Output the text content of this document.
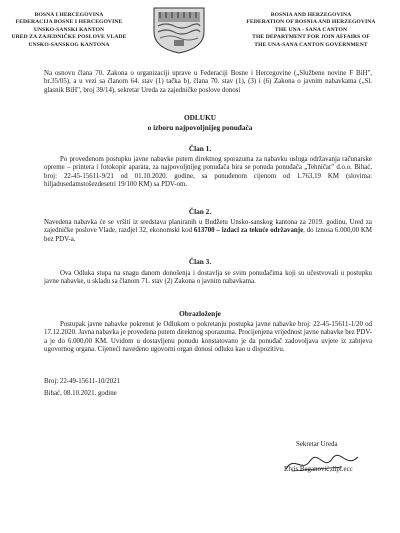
BOSNA I HERCEGOVINA
FEDERACIJA BOSNE I HERCEGOVINE
UNSKO-SANSKI KANTON
URED ZA ZAJEDNIČKE POSLOVE VLADE
UNSKO-SANSKOG KANTONA
BOSNIA AND HERZEGOVINA
FEDERATION OF BOSNIA AND HERZEGOVINA
THE UNA - SANA CANTON
THE DEPARTMENT FOR JOIN AFFAIRS OF
THE UNA-SANA CANTON GOVERNMENT
Na osnovu člana 70. Zakona o organizaciji uprave u Federaciji Bosne i Hercegovine („Službene novine F BiH", br.35/05), a u vezi sa članom 64. stav (1) tačka b), člana 70. stav (1), (3) i (6) Zakona o javnim nabavkama („Sl. glasnik BiH", broj 39/14), sekretar Ureda za zajedničke poslove donosi
ODLUKU
o izboru najpovoljnijeg ponuđača
Član 1.
Po provedenom postupku javne nabavke putem direktnog sporazuma za nabavku usluga održavanja računarske opreme – printera i fotokopir aparata, za najpovoljnijeg ponuđača bira se ponuda ponuđača „Tehničar" d.o.o. Bihać, broj: 22-45-15611-9/21 od 01.10.2020. godine, sa ponuđenom cijenom od 1.763,19 KM (slovima: hiljadusedamstošezdesetri 19/100 KM) sa PDV-om.
Član 2.
Navedena nabavka će se vršiti iz sredstava planiranih u Budžetu Unsko-sanskog kantona za 2019. godinu, Ured za zajedničke poslove Vlade, razdjel 32, ekonomski kod 613700 – izdaci za tekuće održavanje, do iznosa 6.000,00 KM bez PDV-a.
Član 3.
Ova Odluka stupa na snagu danom donošenja i dostavlja se svim ponuđačima koji su učestvovali u postupku javne nabavke, u skladu sa članom 71. stav (2) Zakona o javnim nabavkama.
Obrazloženje
Postupak javne nabavke pokrenut je Odlukom o pokretanju postupka javne nabavke broj: 22-45-15611-1/20 od 17.12.2020. Javna nabavka je provedena putem direktnog sporazuma. Procijenjena vrijednost javne nabavke bez PDV-a je do 6.000,00 KM. Uvidom u dostavljenu ponudu konstatovano je da ponuđač zadovoljava uvjete iz zahtjeva ugovornog organa. Cijeneći navedeno ugovorni organ donosi odluku kao u dispozitivu.
Broj: 22-49-15611-10/2021
Bihać, 08.10.2021. godine
Sekretar Ureda
Elvis Beganović,dipl.ecc
